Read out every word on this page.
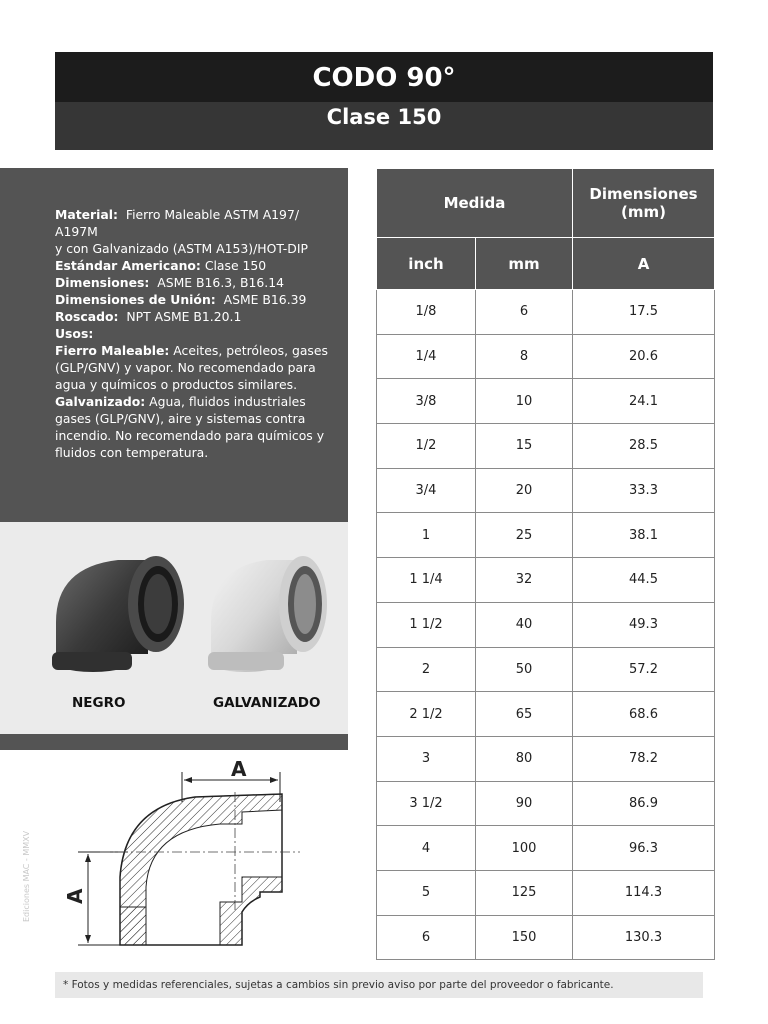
CODO 90°
Clase 150
Material: Fierro Maleable ASTM A197/
A197M
y con Galvanizado (ASTM A153)/HOT-DIP
Estándar Americano: Clase 150
Dimensiones: ASME B16.3, B16.14
Dimensiones de Unión: ASME B16.39
Roscado: NPT ASME B1.20.1
Usos:
Fierro Maleable: Aceites, petróleos, gases (GLP/GNV) y vapor. No recomendado para agua y químicos o productos similares.
Galvanizado: Agua, fluidos industriales gases (GLP/GNV), aire y sistemas contra incendio. No recomendado para químicos y fluidos con temperatura.
NEGRO	GALVANIZADO
Medida		Dimensiones (mm)
inch	mm	A
1/8	6	17.5
1/4	8	20.6
3/8	10	24.1
1/2	15	28.5
3/4	20	33.3
1	25	38.1
1 1/4	32	44.5
1 1/2	40	49.3
2	50	57.2
2 1/2	65	68.6
3	80	78.2
3 1/2	90	86.9
4	100	96.3
5	125	114.3
6	150	130.3
A
A
Ediciones MAC - MMXV
* Fotos y medidas referenciales, sujetas a cambios sin previo aviso por parte del proveedor o fabricante.
